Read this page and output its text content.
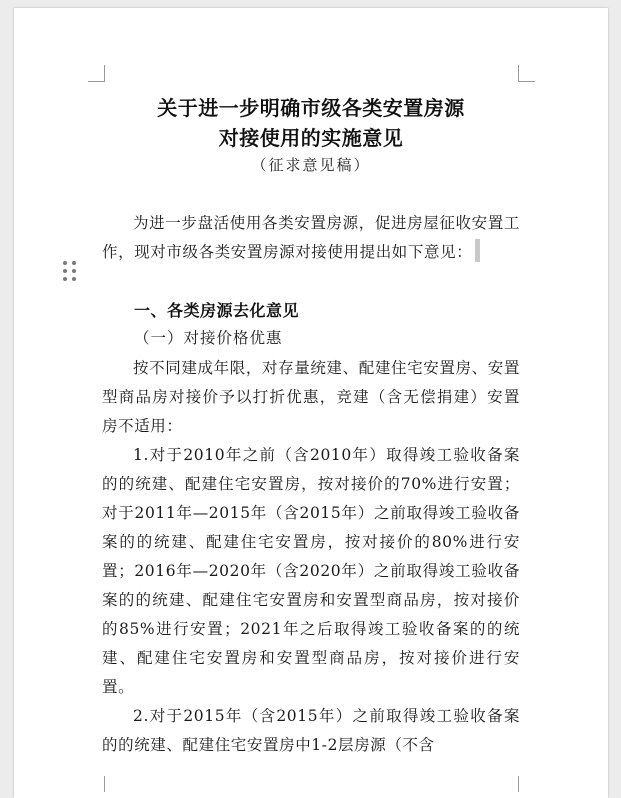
关于进一步明确市级各类安置房源
对接使用的实施意见
（征求意见稿）
为进一步盘活使用各类安置房源，促进房屋征收安置工作，现对市级各类安置房源对接使用提出如下意见：
一、各类房源去化意见
（一）对接价格优惠
按不同建成年限，对存量统建、配建住宅安置房、安置型商品房对接价予以打折优惠，竞建（含无偿捐建）安置房不适用：
1.对于2010年之前（含2010年）取得竣工验收备案的的统建、配建住宅安置房，按对接价的70%进行安置；对于2011年—2015年（含2015年）之前取得竣工验收备案的的统建、配建住宅安置房，按对接价的80%进行安置；2016年—2020年（含2020年）之前取得竣工验收备案的的统建、配建住宅安置房和安置型商品房，按对接价的85%进行安置；2021年之后取得竣工验收备案的的统建、配建住宅安置房和安置型商品房，按对接价进行安置。
2.对于2015年（含2015年）之前取得竣工验收备案的的统建、配建住宅安置房中1-2层房源（不含
